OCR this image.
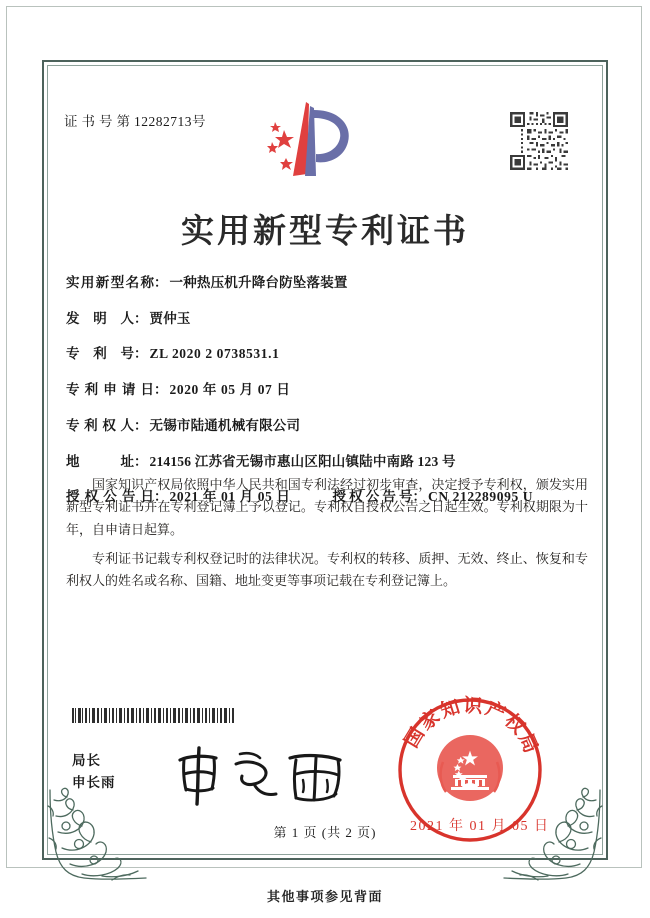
证书号第12282713号
实用新型专利证书
实用新型名称： 一种热压机升降台防坠落装置
发明人： 贾仲玉
专利号： ZL 2020 2 0738531.1
专利申请日： 2020 年 05 月 07 日
专利权人： 无锡市陆通机械有限公司
地址： 214156 江苏省无锡市惠山区阳山镇陆中南路 123 号
授权公告日： 2021 年 01 月 05 日	授权公告号： CN 212289095 U

国家知识产权局依照中华人民共和国专利法经过初步审查，决定授予专利权，颁发实用新型专利证书并在专利登记簿上予以登记。专利权自授权公告之日起生效。专利权期限为十年，自申请日起算。

专利证书记载专利权登记时的法律状况。专利权的转移、质押、无效、终止、恢复和专利权人的姓名或名称、国籍、地址变更等事项记载在专利登记簿上。

局长
申长雨
国家知识产权局
2021 年 01 月 05 日
第 1 页 (共 2 页)
其他事项参见背面
